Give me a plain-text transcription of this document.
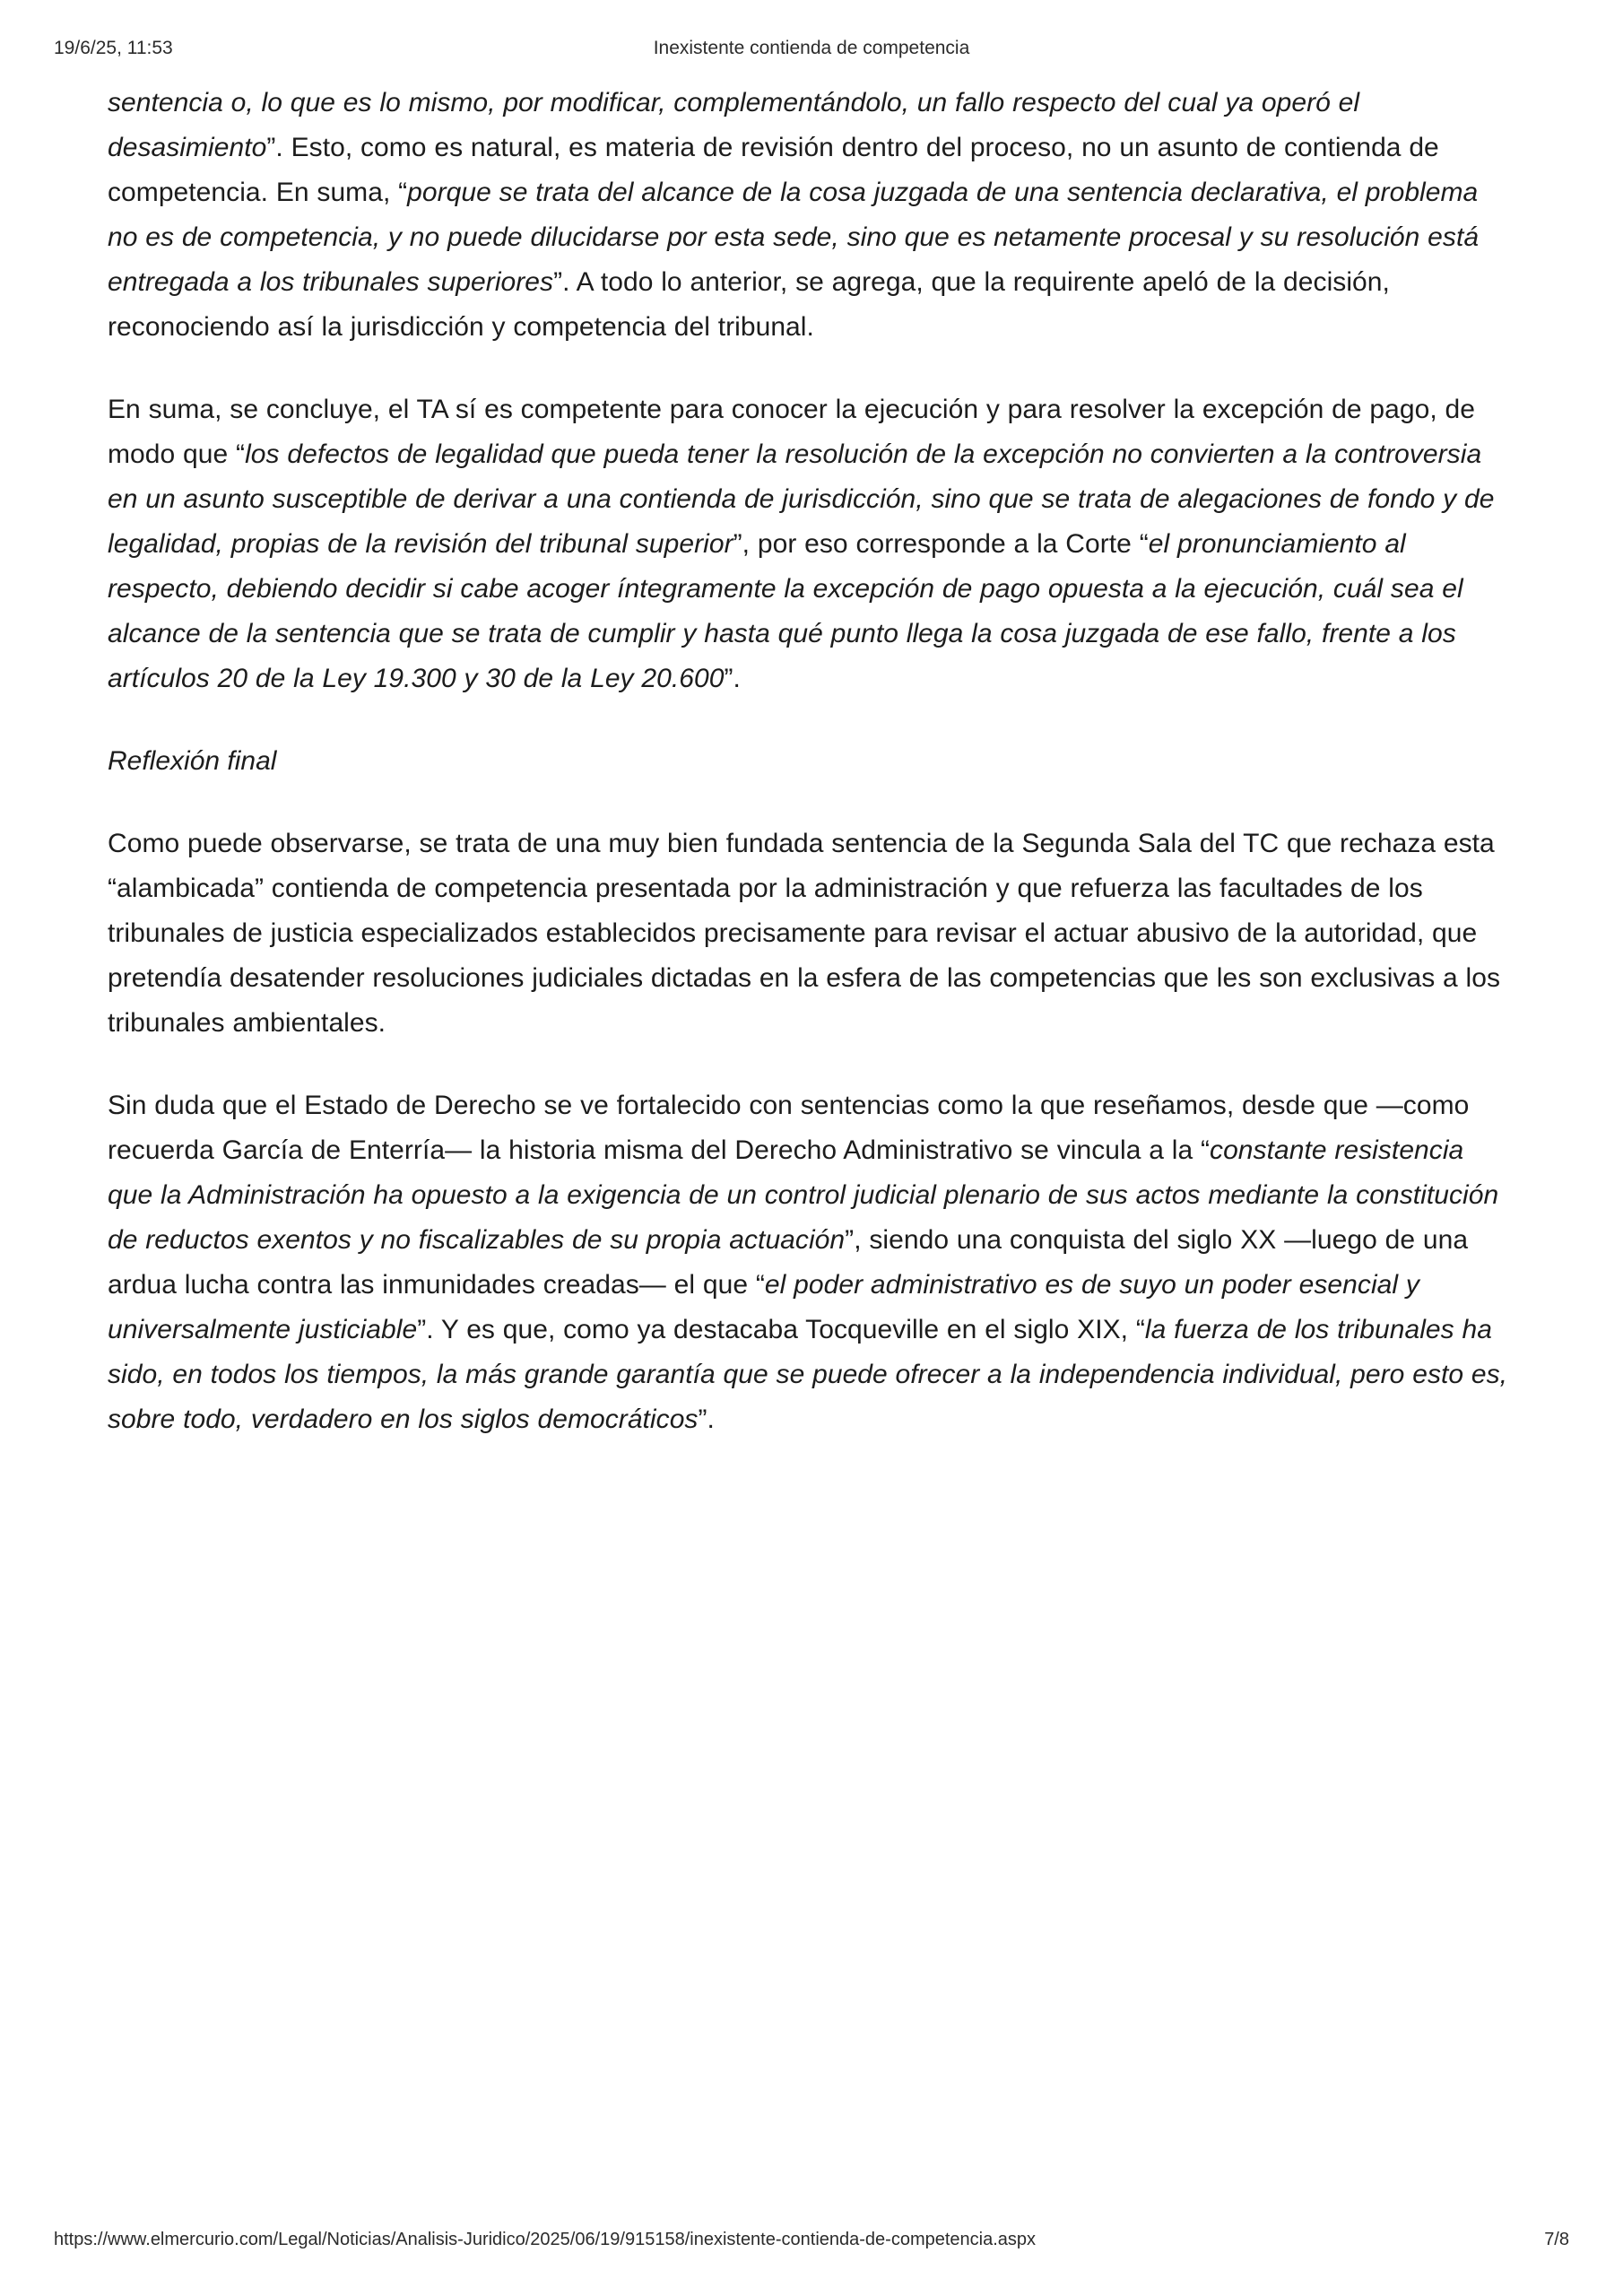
19/6/25, 11:53	Inexistente contienda de competencia

sentencia o, lo que es lo mismo, por modificar, complementándolo, un fallo respecto del cual ya operó el desasimiento”. Esto, como es natural, es materia de revisión dentro del proceso, no un asunto de contienda de competencia. En suma, “porque se trata del alcance de la cosa juzgada de una sentencia declarativa, el problema no es de competencia, y no puede dilucidarse por esta sede, sino que es netamente procesal y su resolución está entregada a los tribunales superiores”. A todo lo anterior, se agrega, que la requirente apeló de la decisión, reconociendo así la jurisdicción y competencia del tribunal.

En suma, se concluye, el TA sí es competente para conocer la ejecución y para resolver la excepción de pago, de modo que “los defectos de legalidad que pueda tener la resolución de la excepción no convierten a la controversia en un asunto susceptible de derivar a una contienda de jurisdicción, sino que se trata de alegaciones de fondo y de legalidad, propias de la revisión del tribunal superior”, por eso corresponde a la Corte “el pronunciamiento al respecto, debiendo decidir si cabe acoger íntegramente la excepción de pago opuesta a la ejecución, cuál sea el alcance de la sentencia que se trata de cumplir y hasta qué punto llega la cosa juzgada de ese fallo, frente a los artículos 20 de la Ley 19.300 y 30 de la Ley 20.600”.

Reflexión final

Como puede observarse, se trata de una muy bien fundada sentencia de la Segunda Sala del TC que rechaza esta “alambicada” contienda de competencia presentada por la administración y que refuerza las facultades de los tribunales de justicia especializados establecidos precisamente para revisar el actuar abusivo de la autoridad, que pretendía desatender resoluciones judiciales dictadas en la esfera de las competencias que les son exclusivas a los tribunales ambientales.

Sin duda que el Estado de Derecho se ve fortalecido con sentencias como la que reseñamos, desde que —como recuerda García de Enterría— la historia misma del Derecho Administrativo se vincula a la “constante resistencia que la Administración ha opuesto a la exigencia de un control judicial plenario de sus actos mediante la constitución de reductos exentos y no fiscalizables de su propia actuación”, siendo una conquista del siglo XX —luego de una ardua lucha contra las inmunidades creadas— el que “el poder administrativo es de suyo un poder esencial y universalmente justiciable”. Y es que, como ya destacaba Tocqueville en el siglo XIX, “la fuerza de los tribunales ha sido, en todos los tiempos, la más grande garantía que se puede ofrecer a la independencia individual, pero esto es, sobre todo, verdadero en los siglos democráticos”.

https://www.elmercurio.com/Legal/Noticias/Analisis-Juridico/2025/06/19/915158/inexistente-contienda-de-competencia.aspx	7/8
